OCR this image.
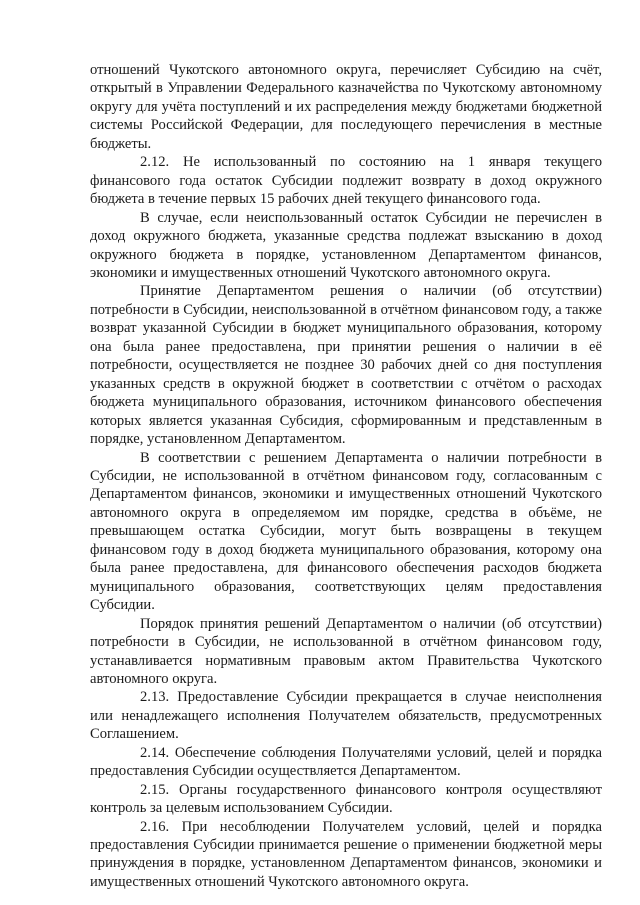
отношений Чукотского автономного округа, перечисляет Субсидию на счёт, открытый в Управлении Федерального казначейства по Чукотскому автономному округу для учёта поступлений и их распределения между бюджетами бюджетной системы Российской Федерации, для последующего перечисления в местные бюджеты.

2.12. Не использованный по состоянию на 1 января текущего финансового года остаток Субсидии подлежит возврату в доход окружного бюджета в течение первых 15 рабочих дней текущего финансового года.

В случае, если неиспользованный остаток Субсидии не перечислен в доход окружного бюджета, указанные средства подлежат взысканию в доход окружного бюджета в порядке, установленном Департаментом финансов, экономики и имущественных отношений Чукотского автономного округа.

Принятие Департаментом решения о наличии (об отсутствии) потребности в Субсидии, неиспользованной в отчётном финансовом году, а также возврат указанной Субсидии в бюджет муниципального образования, которому она была ранее предоставлена, при принятии решения о наличии в её потребности, осуществляется не позднее 30 рабочих дней со дня поступления указанных средств в окружной бюджет в соответствии с отчётом о расходах бюджета муниципального образования, источником финансового обеспечения которых является указанная Субсидия, сформированным и представленным в порядке, установленном Департаментом.

В соответствии с решением Департамента о наличии потребности в Субсидии, не использованной в отчётном финансовом году, согласованным с Департаментом финансов, экономики и имущественных отношений Чукотского автономного округа в определяемом им порядке, средства в объёме, не превышающем остатка Субсидии, могут быть возвращены в текущем финансовом году в доход бюджета муниципального образования, которому она была ранее предоставлена, для финансового обеспечения расходов бюджета муниципального образования, соответствующих целям предоставления Субсидии.

Порядок принятия решений Департаментом о наличии (об отсутствии) потребности в Субсидии, не использованной в отчётном финансовом году, устанавливается нормативным правовым актом Правительства Чукотского автономного округа.

2.13. Предоставление Субсидии прекращается в случае неисполнения или ненадлежащего исполнения Получателем обязательств, предусмотренных Соглашением.

2.14. Обеспечение соблюдения Получателями условий, целей и порядка предоставления Субсидии осуществляется Департаментом.

2.15. Органы государственного финансового контроля осуществляют контроль за целевым использованием Субсидии.

2.16. При несоблюдении Получателем условий, целей и порядка предоставления Субсидии принимается решение о применении бюджетной меры принуждения в порядке, установленном Департаментом финансов, экономики и имущественных отношений Чукотского автономного округа.
